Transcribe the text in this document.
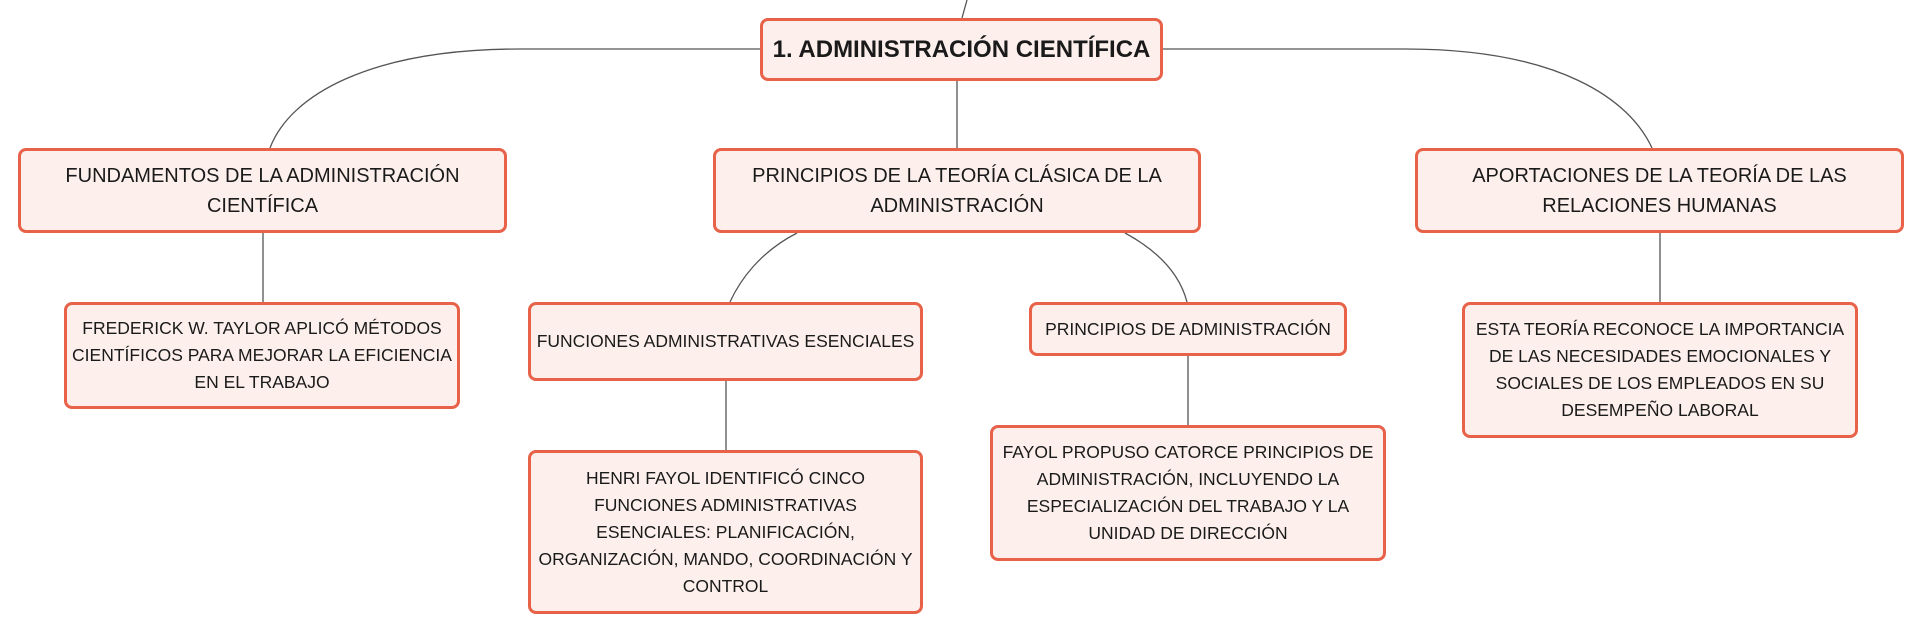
1. ADMINISTRACIÓN CIENTÍFICA
FUNDAMENTOS DE LA ADMINISTRACIÓN CIENTÍFICA
PRINCIPIOS DE LA TEORÍA CLÁSICA DE LA ADMINISTRACIÓN
APORTACIONES DE LA TEORÍA DE LAS RELACIONES HUMANAS
FREDERICK W. TAYLOR APLICÓ MÉTODOS CIENTÍFICOS PARA MEJORAR LA EFICIENCIA EN EL TRABAJO
FUNCIONES ADMINISTRATIVAS ESENCIALES
PRINCIPIOS DE ADMINISTRACIÓN	ESTA TEORÍA RECONOCE LA IMPORTANCIA DE LAS NECESIDADES EMOCIONALES Y SOCIALES DE LOS EMPLEADOS EN SU DESEMPEÑO LABORAL
HENRI FAYOL IDENTIFICÓ CINCO FUNCIONES ADMINISTRATIVAS ESENCIALES: PLANIFICACIÓN, ORGANIZACIÓN, MANDO, COORDINACIÓN Y CONTROL
FAYOL PROPUSO CATORCE PRINCIPIOS DE ADMINISTRACIÓN, INCLUYENDO LA ESPECIALIZACIÓN DEL TRABAJO Y LA UNIDAD DE DIRECCIÓN
